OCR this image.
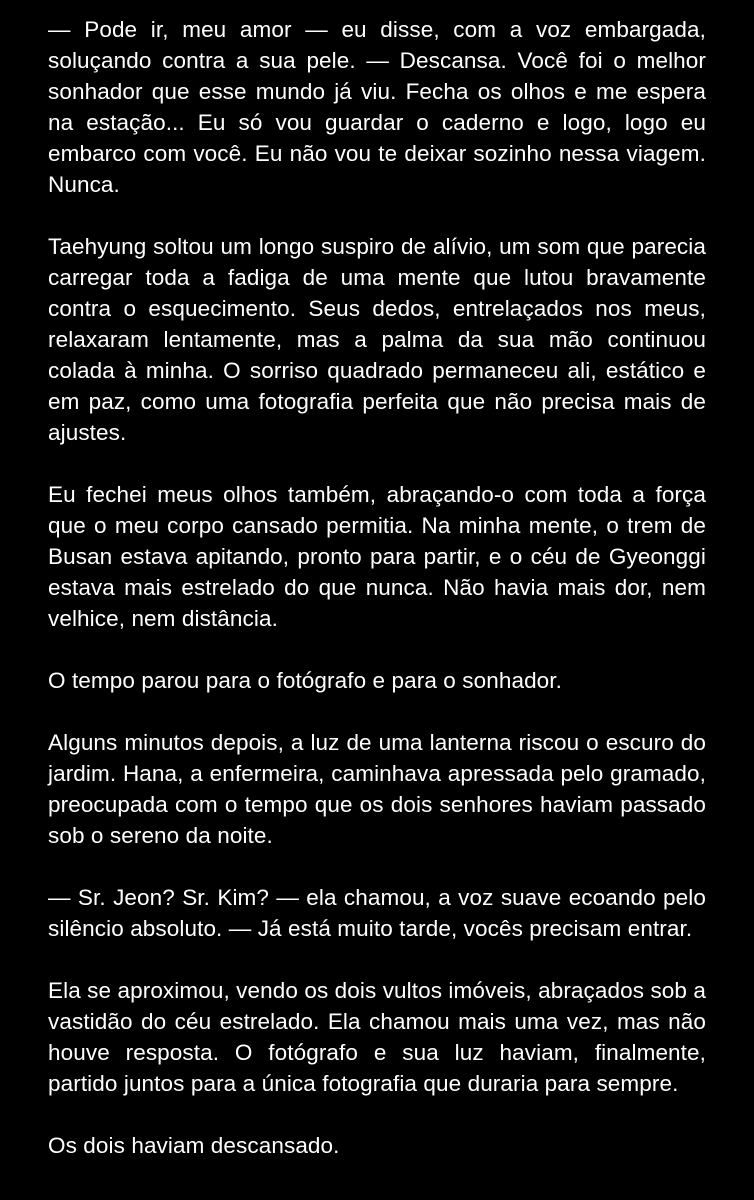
— Pode ir, meu amor — eu disse, com a voz embargada, soluçando contra a sua pele. — Descansa. Você foi o melhor sonhador que esse mundo já viu. Fecha os olhos e me espera na estação... Eu só vou guardar o caderno e logo, logo eu embarco com você. Eu não vou te deixar sozinho nessa viagem. Nunca.

Taehyung soltou um longo suspiro de alívio, um som que parecia carregar toda a fadiga de uma mente que lutou bravamente contra o esquecimento. Seus dedos, entrelaçados nos meus, relaxaram lentamente, mas a palma da sua mão continuou colada à minha. O sorriso quadrado permaneceu ali, estático e em paz, como uma fotografia perfeita que não precisa mais de ajustes.

Eu fechei meus olhos também, abraçando-o com toda a força que o meu corpo cansado permitia. Na minha mente, o trem de Busan estava apitando, pronto para partir, e o céu de Gyeonggi estava mais estrelado do que nunca. Não havia mais dor, nem velhice, nem distância.

O tempo parou para o fotógrafo e para o sonhador.

Alguns minutos depois, a luz de uma lanterna riscou o escuro do jardim. Hana, a enfermeira, caminhava apressada pelo gramado, preocupada com o tempo que os dois senhores haviam passado sob o sereno da noite.

— Sr. Jeon? Sr. Kim? — ela chamou, a voz suave ecoando pelo silêncio absoluto. — Já está muito tarde, vocês precisam entrar.

Ela se aproximou, vendo os dois vultos imóveis, abraçados sob a vastidão do céu estrelado. Ela chamou mais uma vez, mas não houve resposta. O fotógrafo e sua luz haviam, finalmente, partido juntos para a única fotografia que duraria para sempre.

Os dois haviam descansado.
